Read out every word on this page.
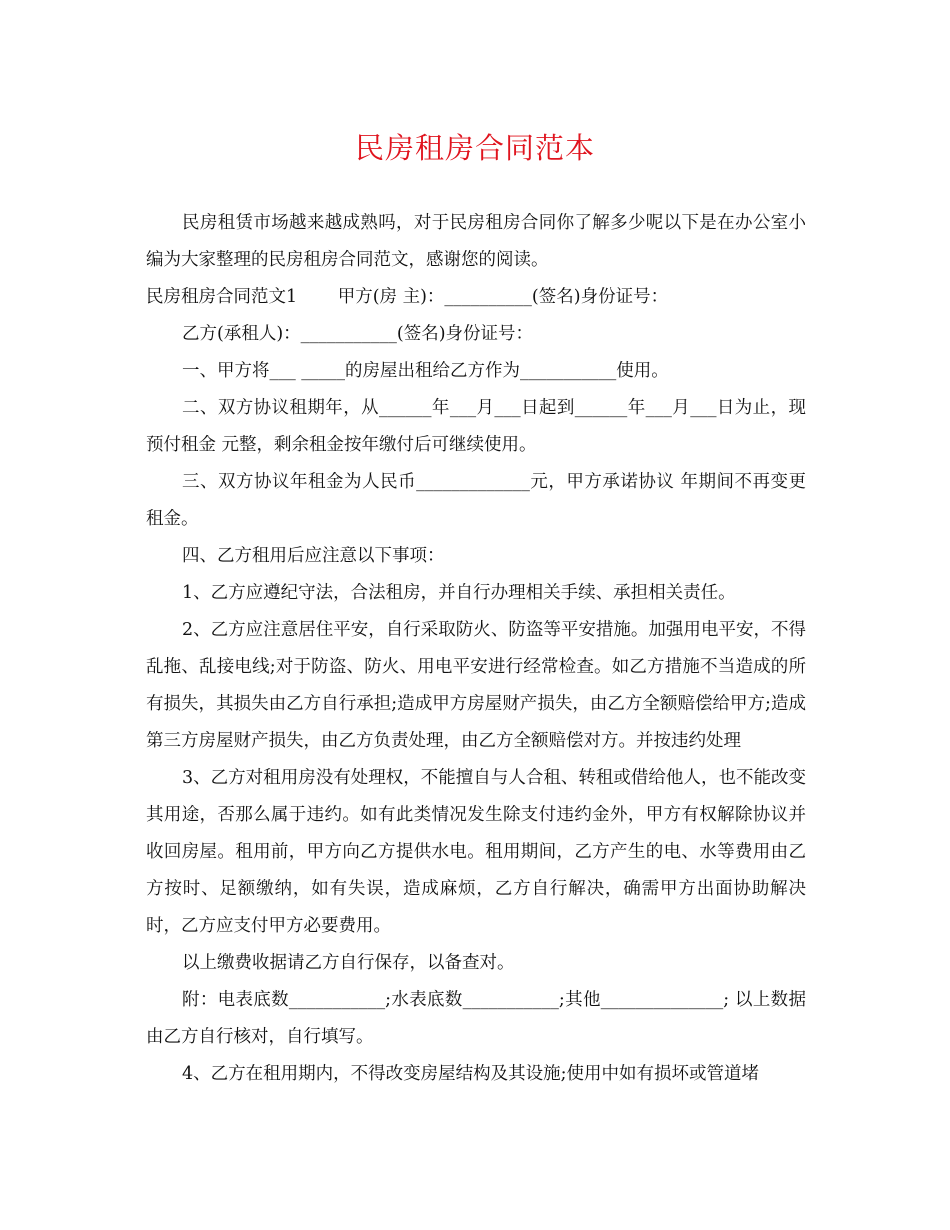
民房租房合同范本

民房租赁市场越来越成熟吗，对于民房租房合同你了解多少呢以下是在办公室小编为大家整理的民房租房合同范文，感谢您的阅读。

民房租房合同范文1　　 甲方(房 主)：__________(签名)身份证号：

乙方(承租人)：___________(签名)身份证号：

一、甲方将___ _____的房屋出租给乙方作为___________使用。

二、双方协议租期年，从______年___月___日起到______年___月___日为止，现预付租金 元整，剩余租金按年缴付后可继续使用。

三、双方协议年租金为人民币_____________元，甲方承诺协议 年期间不再变更租金。

四、乙方租用后应注意以下事项：

1、乙方应遵纪守法，合法租房，并自行办理相关手续、承担相关责任。

2、乙方应注意居住平安，自行采取防火、防盗等平安措施。加强用电平安，不得乱拖、乱接电线;对于防盗、防火、用电平安进行经常检查。如乙方措施不当造成的所有损失，其损失由乙方自行承担;造成甲方房屋财产损失，由乙方全额赔偿给甲方;造成第三方房屋财产损失，由乙方负责处理，由乙方全额赔偿对方。并按违约处理

3、乙方对租用房没有处理权，不能擅自与人合租、转租或借给他人，也不能改变其用途，否那么属于违约。如有此类情况发生除支付违约金外，甲方有权解除协议并收回房屋。租用前，甲方向乙方提供水电。租用期间，乙方产生的电、水等费用由乙方按时、足额缴纳，如有失误，造成麻烦，乙方自行解决，确需甲方出面协助解决时，乙方应支付甲方必要费用。

以上缴费收据请乙方自行保存，以备查对。

附：电表底数___________;水表底数___________;其他______________; 以上数据由乙方自行核对，自行填写。

4、乙方在租用期内，不得改变房屋结构及其设施;使用中如有损坏或管道堵
